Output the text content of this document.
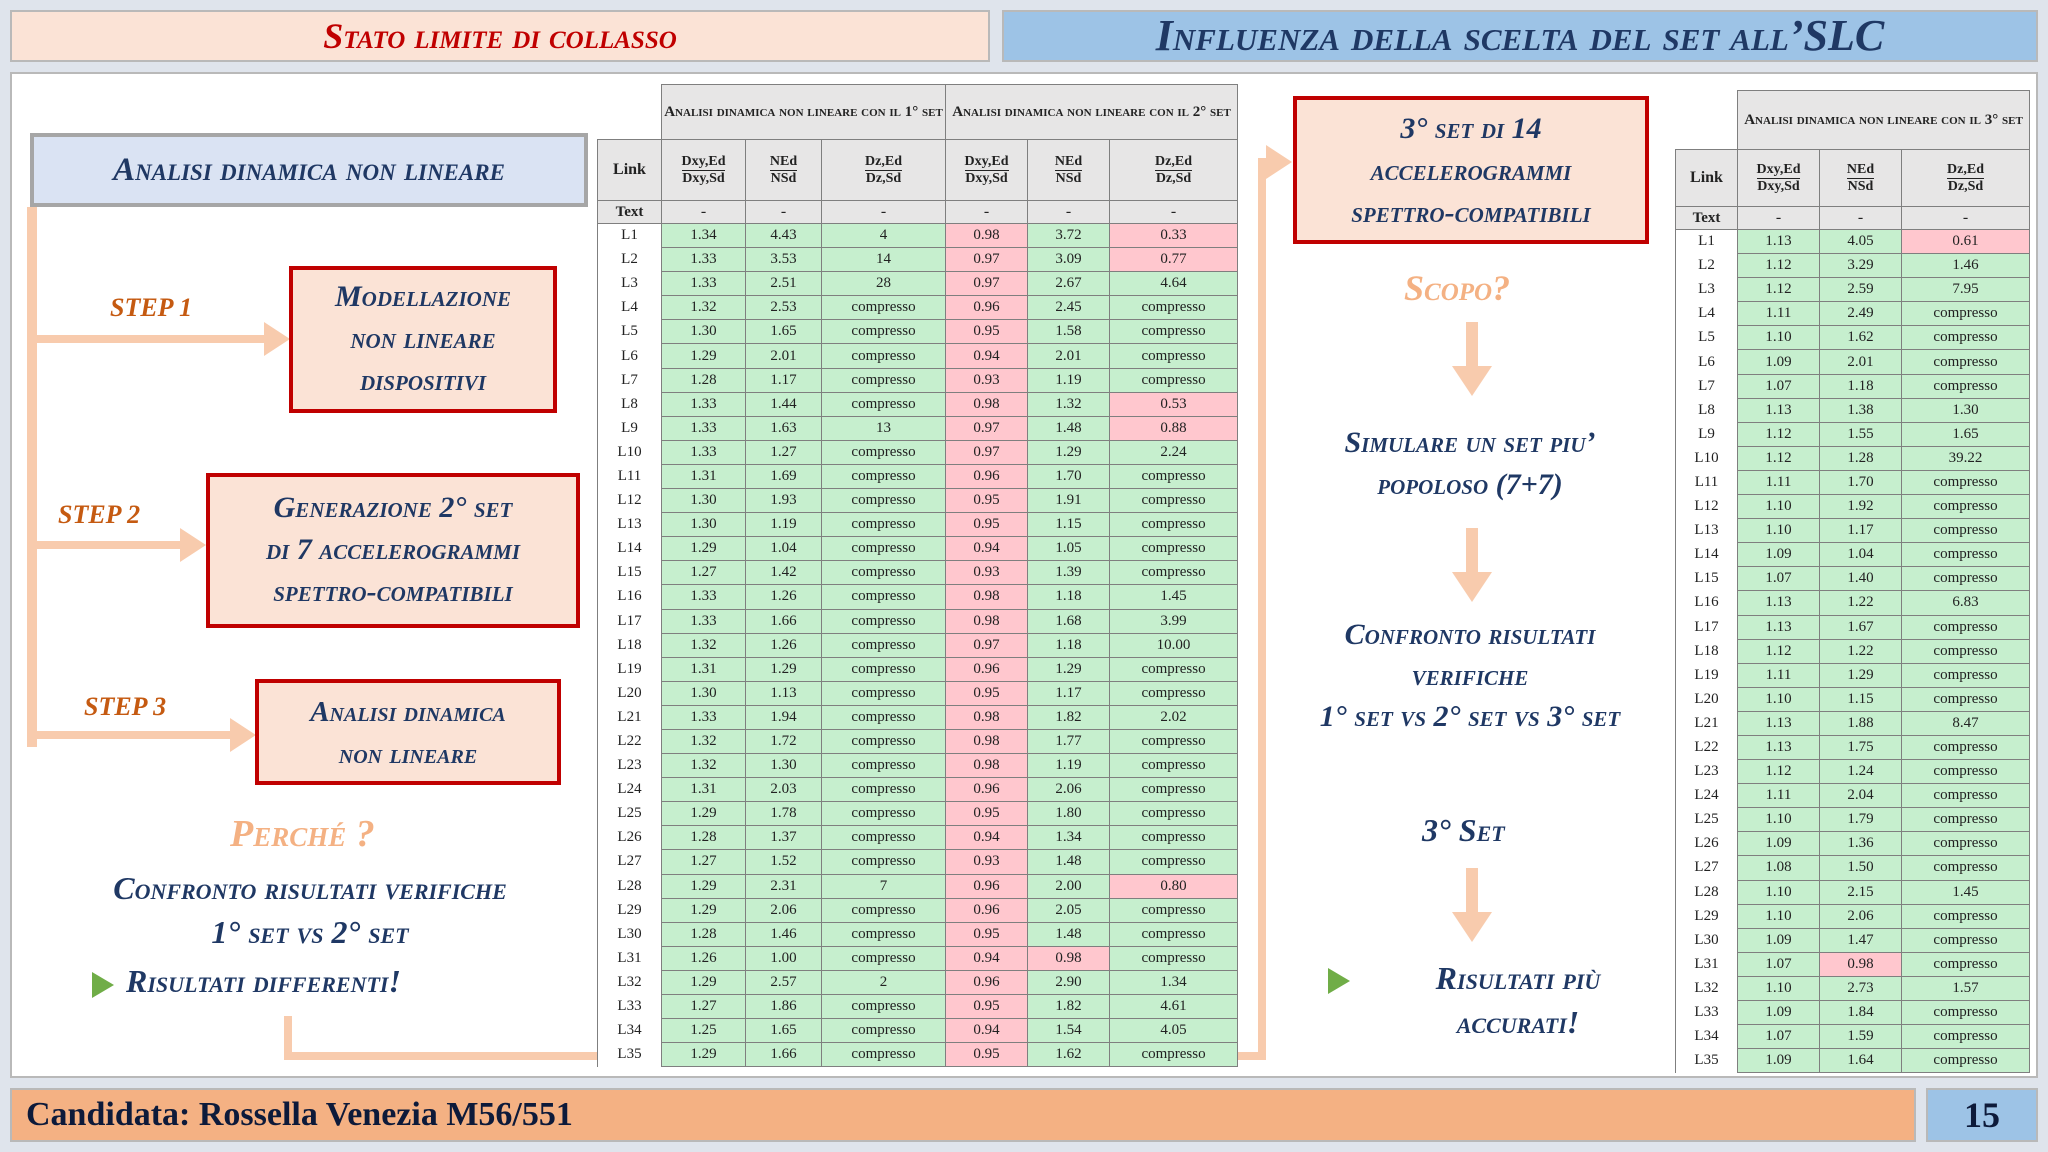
Stato limite di collasso	Influenza della scelta del set all’SLC
Analisi dinamica non lineare
STEP 1	Modellazione
non lineare
dispositivi
STEP 2	Generazione 2° set
di 7 accelerogrammi
spettro-compatibili
STEP 3	Analisi dinamica
non lineare
Perché ?
Confronto risultati verifiche
1° set vs 2° set
Risultati differenti!
	Analisi dinamica non lineare con il 1° set			Analisi dinamica non lineare con il 2° set		
Link	$\frac{\text{Dxy,Ed}}{\text{Dxy,Sd}}$	$\frac{\text{NEd}}{\text{NSd}}$	$\frac{Dz,Ed}{Dz,Sd}$	$\frac{\text{Dxy,Ed}}{\text{Dxy,Sd}}$	$\frac{\text{NEd}}{\text{NSd}}$	$\frac{Dz,Ed}{Dz,Sd}$

Text	-	-	-	-	-	-
L1	1.34	4.43	4	0.98	3.72	0.33
L2	1.33	3.53	14	0.97	3.09	0.77
L3	1.33	2.51	28	0.97	2.67	4.64
L4	1.32	2.53	compresso	0.96	2.45	compresso
L5	1.30	1.65	compresso	0.95	1.58	compresso
L6	1.29	2.01	compresso	0.94	2.01	compresso
L7	1.28	1.17	compresso	0.93	1.19	compresso
L8	1.33	1.44	compresso	0.98	1.32	0.53
L9	1.33	1.63	13	0.97	1.48	0.88
L10	1.33	1.27	compresso	0.97	1.29	2.24
L11	1.31	1.69	compresso	0.96	1.70	compresso
L12	1.30	1.93	compresso	0.95	1.91	compresso
L13	1.30	1.19	compresso	0.95	1.15	compresso
L14	1.29	1.04	compresso	0.94	1.05	compresso
L15	1.27	1.42	compresso	0.93	1.39	compresso
L16	1.33	1.26	compresso	0.98	1.18	1.45
L17	1.33	1.66	compresso	0.98	1.68	3.99
L18	1.32	1.26	compresso	0.97	1.18	10.00
L19	1.31	1.29	compresso	0.96	1.29	compresso
L20	1.30	1.13	compresso	0.95	1.17	compresso
L21	1.33	1.94	compresso	0.98	1.82	2.02
L22	1.32	1.72	compresso	0.98	1.77	compresso
L23	1.32	1.30	compresso	0.98	1.19	compresso
L24	1.31	2.03	compresso	0.96	2.06	compresso
L25	1.29	1.78	compresso	0.95	1.80	compresso
L26	1.28	1.37	compresso	0.94	1.34	compresso
L27	1.27	1.52	compresso	0.93	1.48	compresso
L28	1.29	2.31	7	0.96	2.00	0.80
L29	1.29	2.06	compresso	0.96	2.05	compresso
L30	1.28	1.46	compresso	0.95	1.48	compresso
L31	1.26	1.00	compresso	0.94	0.98	compresso
L32	1.29	2.57	2	0.96	2.90	1.34
L33	1.27	1.86	compresso	0.95	1.82	4.61
L34	1.25	1.65	compresso	0.94	1.54	4.05
L35	1.29	1.66	compresso	0.95	1.62	compresso
3° set di 14
accelerogrammi
spettro-compatibili
Scopo?
Simulare un set piu’
popoloso (7+7)
Confronto risultati
verifiche
1° set vs 2° set vs 3° set
3° Set
Risultati più
accurati!
	Analisi dinamica non lineare con il 3° set		
Link	$\frac{\text{Dxy,Ed}}{\text{Dxy,Sd}}$	$\frac{\text{NEd}}{\text{NSd}}$	$\frac{Dz,Ed}{Dz,Sd}$

Text	-	-	-
L1	1.13	4.05	0.61
L2	1.12	3.29	1.46
L3	1.12	2.59	7.95
L4	1.11	2.49	compresso
L5	1.10	1.62	compresso
L6	1.09	2.01	compresso
L7	1.07	1.18	compresso
L8	1.13	1.38	1.30
L9	1.12	1.55	1.65
L10	1.12	1.28	39.22
L11	1.11	1.70	compresso
L12	1.10	1.92	compresso
L13	1.10	1.17	compresso
L14	1.09	1.04	compresso
L15	1.07	1.40	compresso
L16	1.13	1.22	6.83
L17	1.13	1.67	compresso
L18	1.12	1.22	compresso
L19	1.11	1.29	compresso
L20	1.10	1.15	compresso
L21	1.13	1.88	8.47
L22	1.13	1.75	compresso
L23	1.12	1.24	compresso
L24	1.11	2.04	compresso
L25	1.10	1.79	compresso
L26	1.09	1.36	compresso
L27	1.08	1.50	compresso
L28	1.10	2.15	1.45
L29	1.10	2.06	compresso
L30	1.09	1.47	compresso
L31	1.07	0.98	compresso
L32	1.10	2.73	1.57
L33	1.09	1.84	compresso
L34	1.07	1.59	compresso
L35	1.09	1.64	compresso
Candidata: Rossella Venezia M56/551	15
